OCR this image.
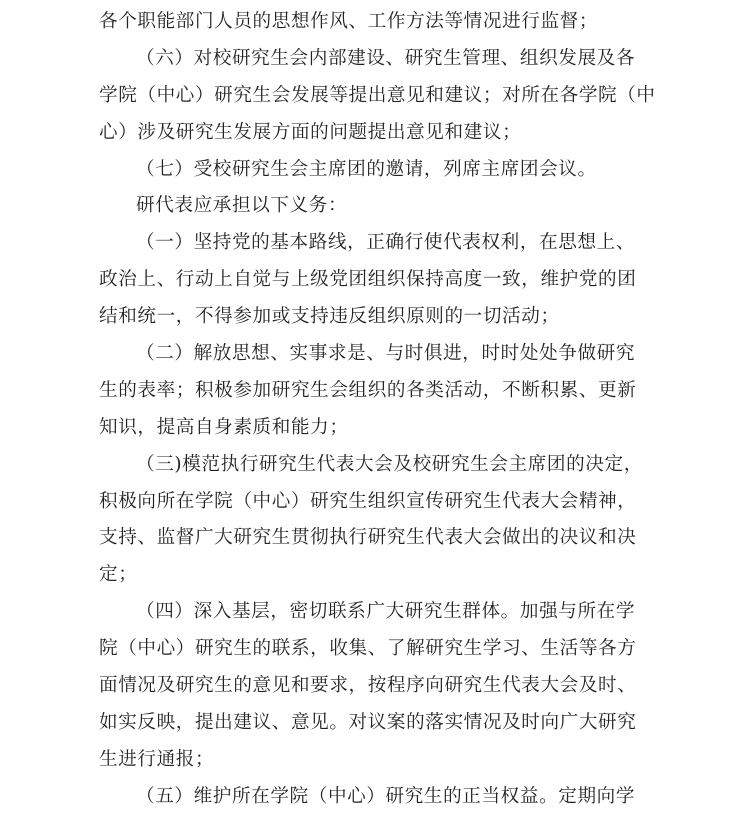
各个职能部门人员的思想作风、工作方法等情况进行监督；
（六）对校研究生会内部建设、研究生管理、组织发展及各
学院（中心）研究生会发展等提出意见和建议；对所在各学院（中
心）涉及研究生发展方面的问题提出意见和建议；
（七）受校研究生会主席团的邀请，列席主席团会议。
研代表应承担以下义务：
（一）坚持党的基本路线，正确行使代表权利，在思想上、
政治上、行动上自觉与上级党团组织保持高度一致，维护党的团
结和统一，不得参加或支持违反组织原则的一切活动；
（二）解放思想、实事求是、与时俱进，时时处处争做研究
生的表率；积极参加研究生会组织的各类活动，不断积累、更新
知识，提高自身素质和能力；
（三)模范执行研究生代表大会及校研究生会主席团的决定，
积极向所在学院（中心）研究生组织宣传研究生代表大会精神，
支持、监督广大研究生贯彻执行研究生代表大会做出的决议和决
定；
（四）深入基层，密切联系广大研究生群体。加强与所在学
院（中心）研究生的联系，收集、了解研究生学习、生活等各方
面情况及研究生的意见和要求，按程序向研究生代表大会及时、
如实反映，提出建议、意见。对议案的落实情况及时向广大研究
生进行通报；
（五）维护所在学院（中心）研究生的正当权益。定期向学
